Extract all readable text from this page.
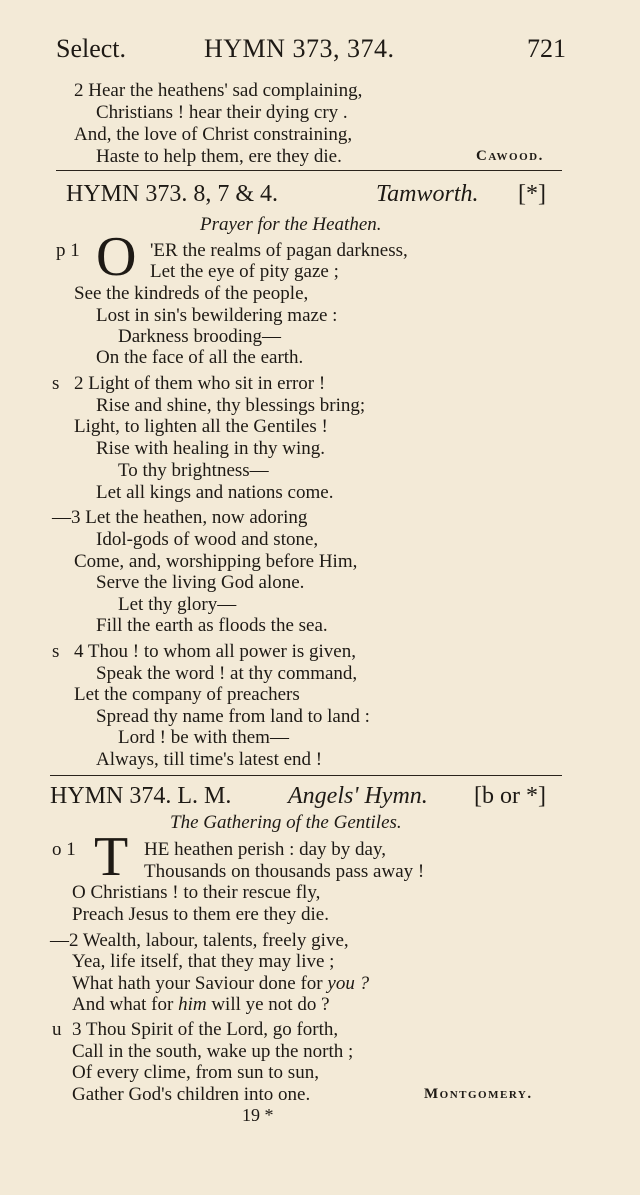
Select.	HYMN 373, 374.	721
2 Hear the heathens' sad complaining,
Christians ! hear their dying cry .
And, the love of Christ constraining,
Haste to help them, ere they die.	Cawood.
HYMN 373. 8, 7 & 4.	Tamworth. [*]
Prayer for the Heathen.
p 1 O 'ER the realms of pagan darkness,
Let the eye of pity gaze ;
See the kindreds of the people,
Lost in sin's bewildering maze :
Darkness brooding—
On the face of all the earth.
s 2 Light of them who sit in error !
Rise and shine, thy blessings bring;
Light, to lighten all the Gentiles !
Rise with healing in thy wing.
To thy brightness—
Let all kings and nations come.
—3 Let the heathen, now adoring
Idol-gods of wood and stone,
Come, and, worshipping before Him,
Serve the living God alone.
Let thy glory—
Fill the earth as floods the sea.
s 4 Thou ! to whom all power is given,
Speak the word ! at thy command,
Let the company of preachers
Spread thy name from land to land :
Lord ! be with them—
Always, till time's latest end !
HYMN 374. L. M. Angels' Hymn. [b or *]
The Gathering of the Gentiles.
o 1 T HE heathen perish : day by day,
Thousands on thousands pass away !
O Christians ! to their rescue fly,
Preach Jesus to them ere they die.
—2 Wealth, labour, talents, freely give,
Yea, life itself, that they may live ;
What hath your Saviour done for you ?
And what for him will ye not do ?
u 3 Thou Spirit of the Lord, go forth,
Call in the south, wake up the north ;
Of every clime, from sun to sun,
Gather God's children into one.	Montgomery.
19 *
